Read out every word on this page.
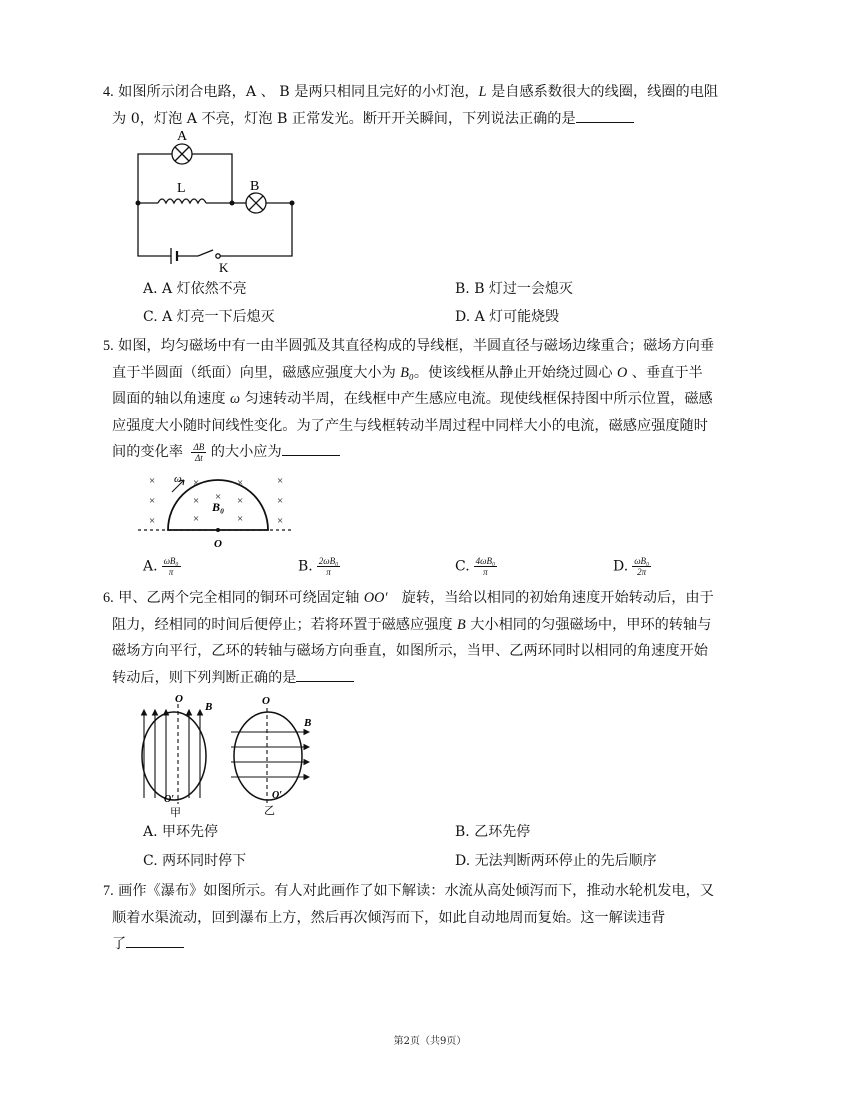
4. 如图所示闭合电路，A 、 B 是两只相同且完好的小灯泡，L 是自感系数很大的线圈，线圈的电阻
为 0，灯泡 A 不亮，灯泡 B 正常发光。断开开关瞬间，下列说法正确的是
A
L	B
K
A. A 灯依然不亮	B. B 灯过一会熄灭
C. A 灯亮一下后熄灭	D. A 灯可能烧毁
5. 如图，均匀磁场中有一由半圆弧及其直径构成的导线框，半圆直径与磁场边缘重合；磁场方向垂
直于半圆面（纸面）向里，磁感应强度大小为 B₀。使该线框从静止开始绕过圆心 O 、垂直于半
圆面的轴以角速度 ω 匀速转动半周，在线框中产生感应电流。现使线框保持图中所示位置，磁感
应强度大小随时间线性变化。为了产生与线框转动半周过程中同样大小的电流，磁感应强度随时
间的变化率 $\frac{\Delta B}{\Delta t}$ 的大小应为
×
×
×
×	×	×
×
×
×	×
×	×
×
ω
B₀
O
A. $\frac{\text{ωB₀}}{\pi}$	B. $\frac{\text{2ωB₀}}{\pi}$	C. $\frac{\text{4ωB₀}}{\pi}$	D. $\frac{\text{ωB₀}}{2\pi}$
6. 甲、乙两个完全相同的铜环可绕固定轴 OO′　旋转，当给以相同的初始角速度开始转动后，由于
阻力，经相同的时间后便停止；若将环置于磁感应强度 B 大小相同的匀强磁场中，甲环的转轴与
磁场方向平行，乙环的转轴与磁场方向垂直，如图所示，当甲、乙两环同时以相同的角速度开始
转动后，则下列判断正确的是
O
B
O′
甲
O
B
O′
乙
A. 甲环先停	B. 乙环先停
C. 两环同时停下	D. 无法判断两环停止的先后顺序
7. 画作《瀑布》如图所示。有人对此画作了如下解读：水流从高处倾泻而下，推动水轮机发电，又
顺着水渠流动，回到瀑布上方，然后再次倾泻而下，如此自动地周而复始。这一解读违背
了
第2页（共9页）
